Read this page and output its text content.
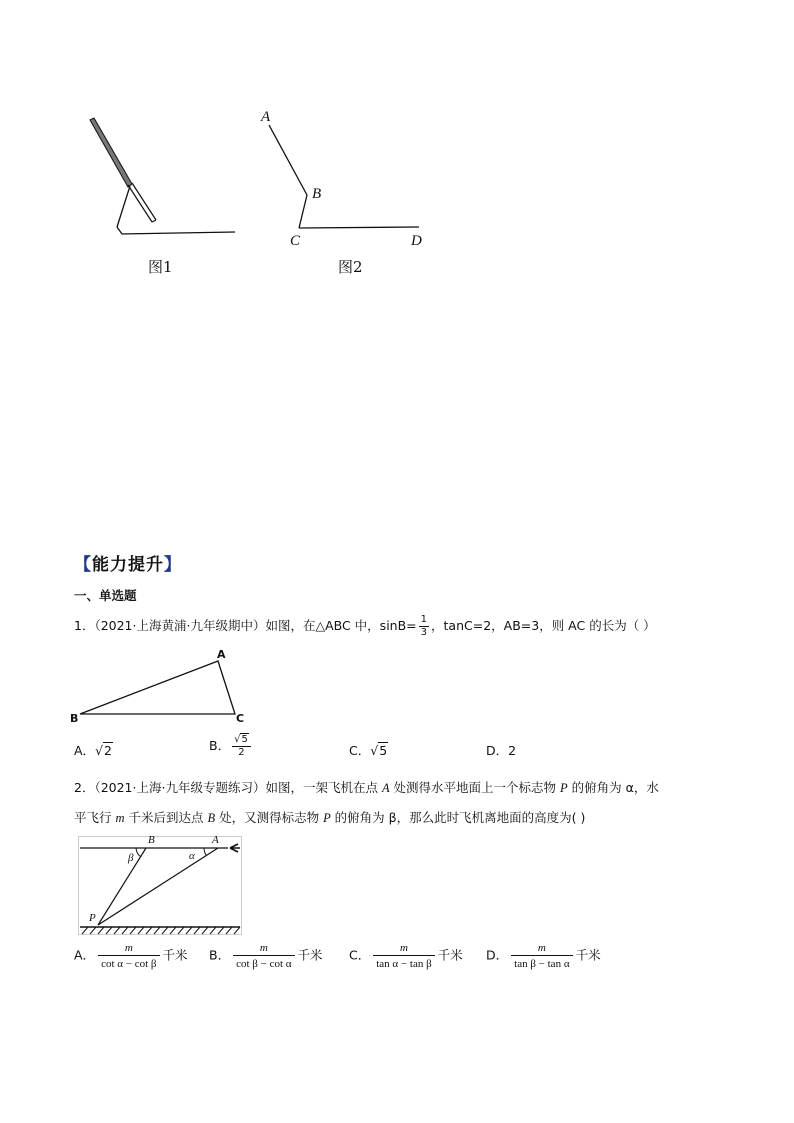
图1
A
B
C	D
图2
【能力提升】
一、单选题
1．（2021·上海黄浦·九年级期中）如图，在△ABC 中，$\sin B= \frac{1}{3}$ ，tanC=2，AB=3，则 AC 的长为（ ）
A
B	C
A．√2	B． $\frac{√5}{2}$	C．√5	D．2
2．（2021·上海·九年级专题练习）如图，一架飞机在点 A 处测得水平地面上一个标志物 P 的俯角为 α，水
平飞行 m 千米后到达点 B 处，又测得标志物 P 的俯角为 β，那么此时飞机离地面的高度为( )
B	A
β	α
P
A． $\frac{m}{\text{cot α − cot β}}$ 千米 B． $\frac{m}{\text{cot β − cot α}}$ 千米 C． $\frac{m}{\text{tan α − tan β}}$ 千米 D． $\frac{m}{\text{tan β − tan α}}$ 千米
